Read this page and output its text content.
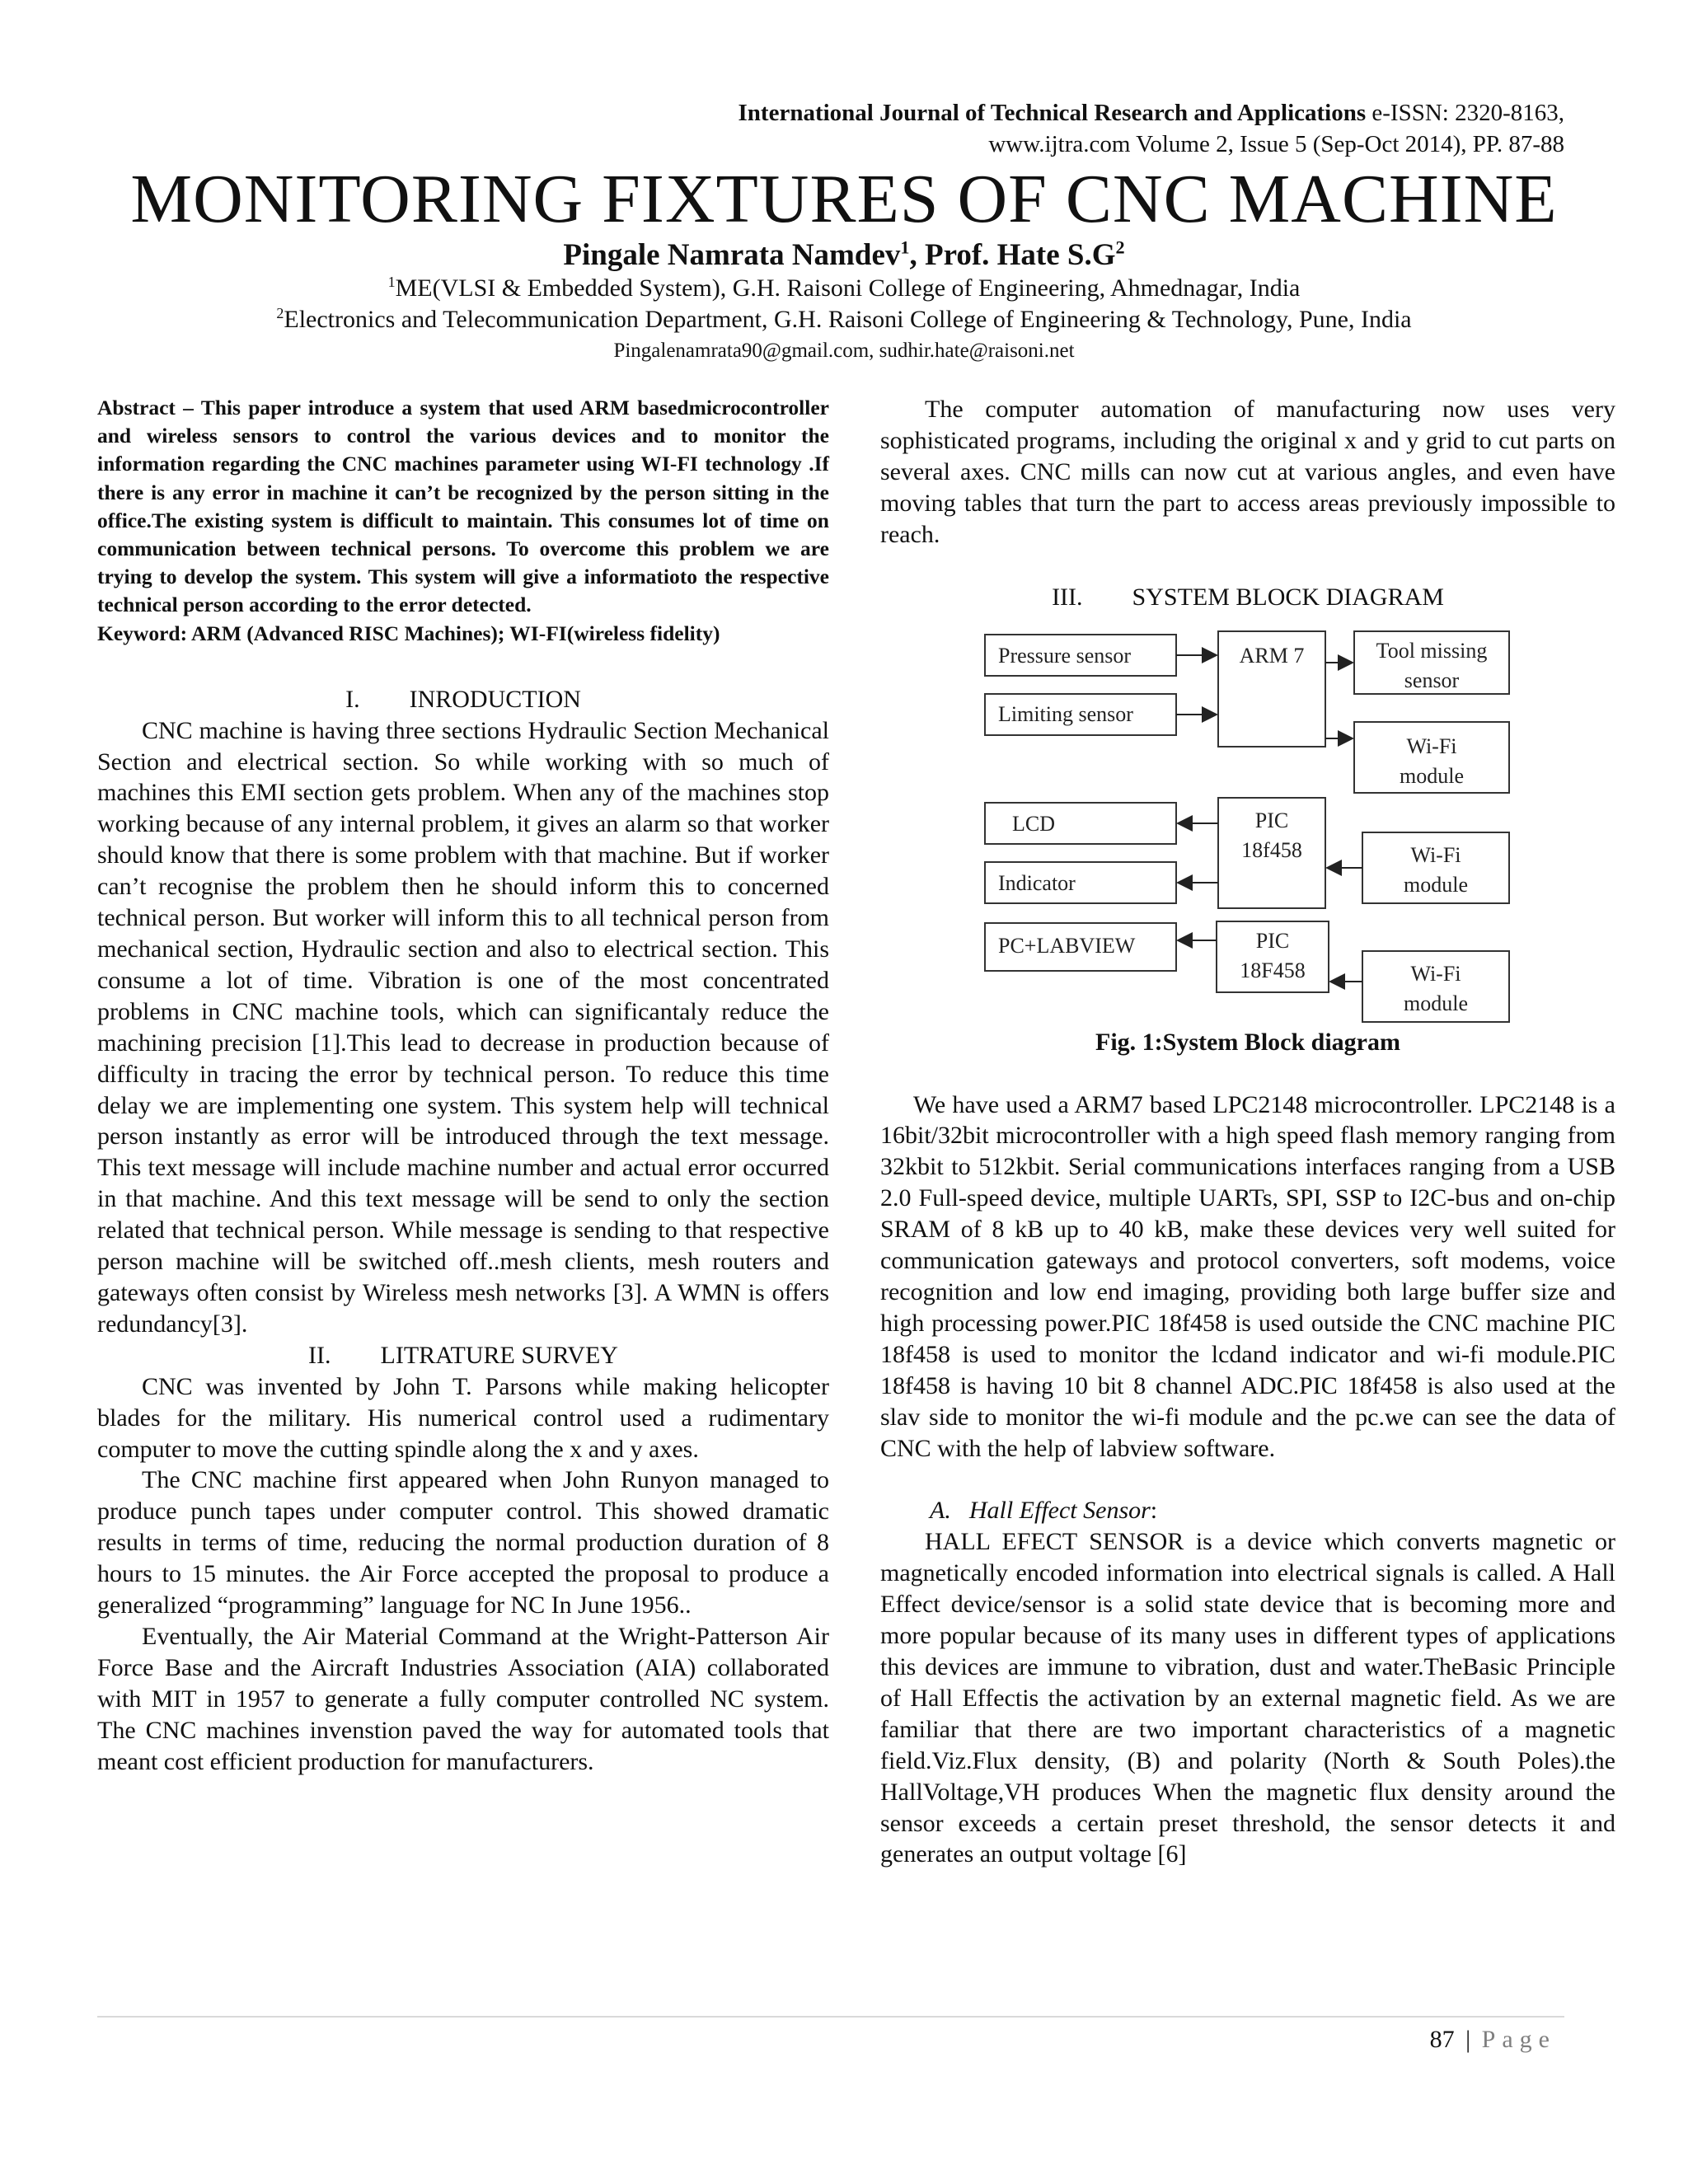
International Journal of Technical Research and Applications e-ISSN: 2320-8163,
www.ijtra.com Volume 2, Issue 5 (Sep-Oct 2014), PP. 87-88
MONITORING FIXTURES OF CNC MACHINE
Pingale Namrata Namdev$^1$, Prof. Hate $S.G^2$
$^1$ME(VLSI & Embedded System), G.H. Raisoni College of Engineering, Ahmednagar, India
$^2$Electronics and Telecommunication Department, G.H. Raisoni College of Engineering & Technology, Pune, India
Pingalenamrata90@gmail.com, sudhir.hate@raisoni.net

Abstract – This paper introduce a system that used ARM basedmicrocontroller and wireless sensors to control the various devices and to monitor the information regarding the CNC machines parameter using WI-FI technology .If there is any error in machine it can’t be recognized by the person sitting in the office.The existing system is difficult to maintain. This consumes lot of time on communication between technical persons. To overcome this problem we are trying to develop the system. This system will give a informatioto the respective technical person according to the error detected.

Keyword: ARM (Advanced RISC Machines); WI-FI(wireless fidelity)

I. INRODUCTION

CNC machine is having three sections Hydraulic Section Mechanical Section and electrical section. So while working with so much of machines this EMI section gets problem. When any of the machines stop working because of any internal problem, it gives an alarm so that worker should know that there is some problem with that machine. But if worker can’t recognise the problem then he should inform this to concerned technical person. But worker will inform this to all technical person from mechanical section, Hydraulic section and also to electrical section. This consume a lot of time. Vibration is one of the most concentrated problems in CNC machine tools, which can significantaly reduce the machining precision [1].This lead to decrease in production because of difficulty in tracing the error by technical person. To reduce this time delay we are implementing one system. This system help will technical person instantly as error will be introduced through the text message. This text message will include machine number and actual error occurred in that machine. And this text message will be send to only the section related that technical person. While message is sending to that respective person machine will be switched off..mesh clients, mesh routers and gateways often consist by Wireless mesh networks [3]. A WMN is offers redundancy[3].

II. LITRATURE SURVEY

CNC was invented by John T. Parsons while making helicopter blades for the military. His numerical control used a rudimentary computer to move the cutting spindle along the x and y axes.

The CNC machine first appeared when John Runyon managed to produce punch tapes under computer control. This showed dramatic results in terms of time, reducing the normal production duration of 8 hours to 15 minutes. the Air Force accepted the proposal to produce a generalized “programming” language for NC In June 1956..

Eventually, the Air Material Command at the Wright-Patterson Air Force Base and the Aircraft Industries Association (AIA) collaborated with MIT in 1957 to generate a fully computer controlled NC system. The CNC machines invenstion paved the way for automated tools that meant cost efficient production for manufacturers.

The computer automation of manufacturing now uses very sophisticated programs, including the original x and y grid to cut parts on several axes. CNC mills can now cut at various angles, and even have moving tables that turn the part to access areas previously impossible to reach.

III. SYSTEM BLOCK DIAGRAM

Pressure sensor
Limiting sensor
ARM 7	Tool missing
sensor
Wi-Fi
module
LCD
Indicator
PIC
18f458	Wi-Fi
module
PC+LABVIEW	PIC
18F458	Wi-Fi
module

Fig. 1:System Block diagram

We have used a ARM7 based LPC2148 microcontroller. LPC2148 is a 16bit/32bit microcontroller with a high speed flash memory ranging from 32kbit to 512kbit. Serial communications interfaces ranging from a USB 2.0 Full-speed device, multiple UARTs, SPI, SSP to I2C-bus and on-chip SRAM of 8 kB up to 40 kB, make these devices very well suited for communication gateways and protocol converters, soft modems, voice recognition and low end imaging, providing both large buffer size and high processing power.PIC 18f458 is used outside the CNC machine PIC 18f458 is used to monitor the lcdand indicator and wi-fi module.PIC 18f458 is having 10 bit 8 channel ADC.PIC 18f458 is also used at the slav side to monitor the wi-fi module and the pc.we can see the data of CNC with the help of labview software.

A. Hall Effect Sensor:

HALL EFECT SENSOR is a device which converts magnetic or magnetically encoded information into electrical signals is called. A Hall Effect device/sensor is a solid state device that is becoming more and more popular because of its many uses in different types of applications this devices are immune to vibration, dust and water.TheBasic Principle of Hall Effectis the activation by an external magnetic field. As we are familiar that there are two important characteristics of a magnetic field.Viz.Flux density, (B) and polarity (North & South Poles).the HallVoltage,VH produces When the magnetic flux density around the sensor exceeds a certain preset threshold, the sensor detects it and generates an output voltage [6]

87 | Page
